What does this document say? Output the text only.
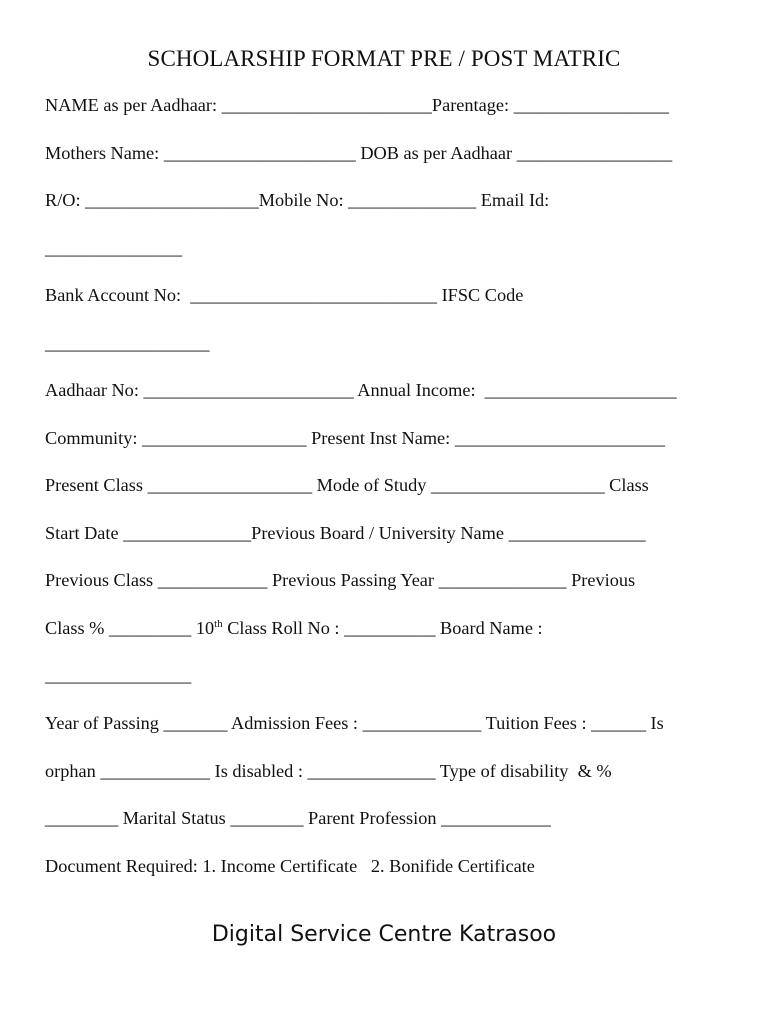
SCHOLARSHIP FORMAT PRE / POST MATRIC
NAME as per Aadhaar: _______________________Parentage: _________________
Mothers Name: _____________________ DOB as per Aadhaar _________________
R/O: ___________________Mobile No: ______________ Email Id:
_______________
Bank Account No:  ___________________________ IFSC Code
__________________
Aadhaar No: _______________________ Annual Income:  _____________________
Community: __________________ Present Inst Name: _______________________
Present Class __________________ Mode of Study ___________________ Class
Start Date ______________Previous Board / University Name _______________
Previous Class ____________ Previous Passing Year ______________ Previous
Class % _________ 10th Class Roll No : __________ Board Name :
________________
Year of Passing _______ Admission Fees : _____________ Tuition Fees : ______ Is
orphan ____________ Is disabled : ______________ Type of disability  & %
________ Marital Status ________ Parent Profession ____________
Document Required: 1. Income Certificate   2. Bonifide Certificate
Digital Service Centre Katrasoo
